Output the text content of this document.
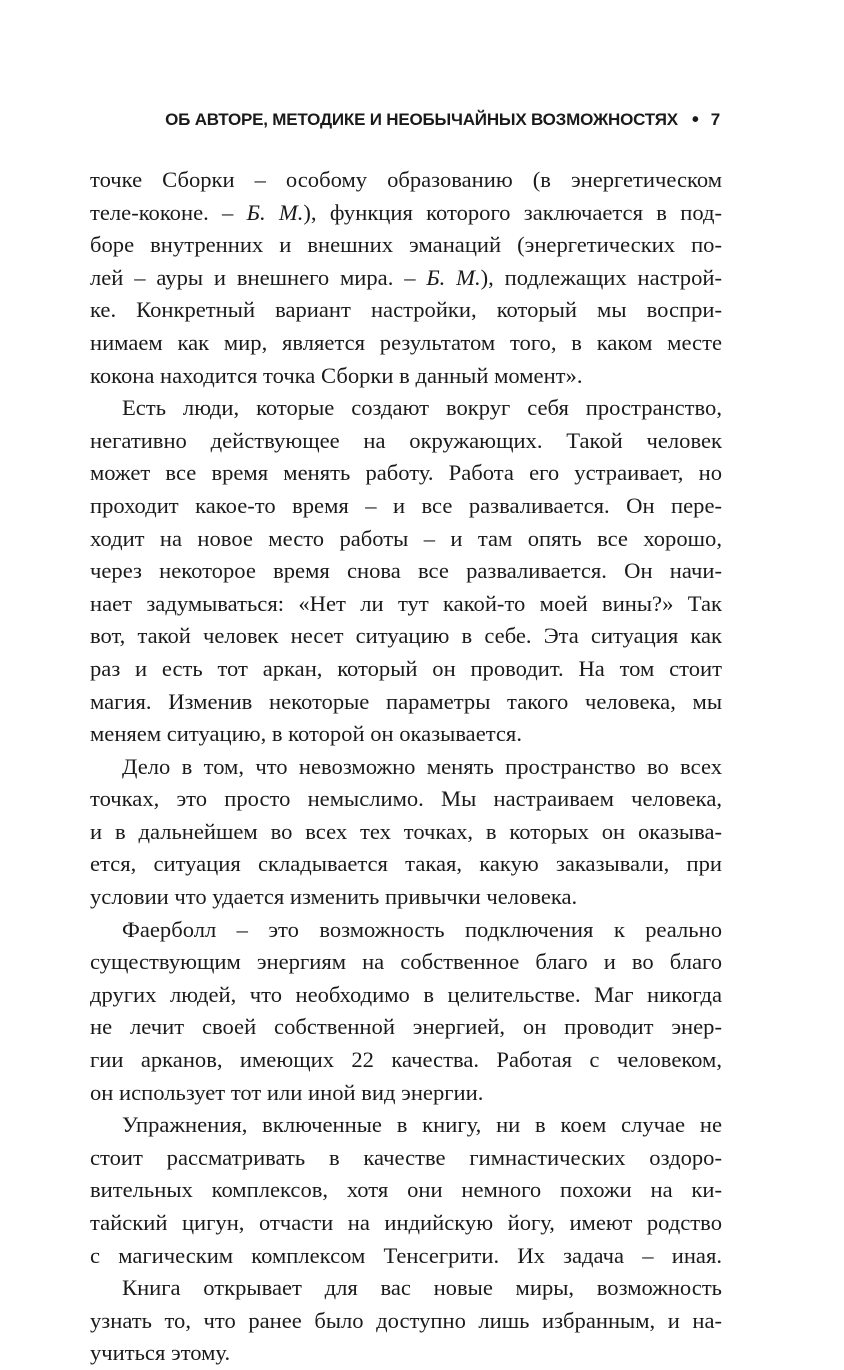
ОБ АВТОРЕ, МЕТОДИКЕ И НЕОБЫЧАЙНЫХ ВОЗМОЖНОСТЯХ • 7
точке Сборки – особому образованию (в энергетическом
теле-коконе. – Б. М.), функция которого заключается в под-
боре внутренних и внешних эманаций (энергетических по-
лей – ауры и внешнего мира. – Б. М.), подлежащих настрой-
ке. Конкретный вариант настройки, который мы воспри-
нимаем как мир, является результатом того, в каком месте
кокона находится точка Сборки в данный момент».
Есть люди, которые создают вокруг себя пространство,
негативно действующее на окружающих. Такой человек
может все время менять работу. Работа его устраивает, но
проходит какое-то время – и все разваливается. Он пере-
ходит на новое место работы – и там опять все хорошо,
через некоторое время снова все разваливается. Он начи-
нает задумываться: «Нет ли тут какой-то моей вины?» Так
вот, такой человек несет ситуацию в себе. Эта ситуация как
раз и есть тот аркан, который он проводит. На том стоит
магия. Изменив некоторые параметры такого человека, мы
меняем ситуацию, в которой он оказывается.
Дело в том, что невозможно менять пространство во всех
точках, это просто немыслимо. Мы настраиваем человека,
и в дальнейшем во всех тех точках, в которых он оказыва-
ется, ситуация складывается такая, какую заказывали, при
условии что удается изменить привычки человека.
Фаерболл – это возможность подключения к реально
существующим энергиям на собственное благо и во благо
других людей, что необходимо в целительстве. Маг никогда
не лечит своей собственной энергией, он проводит энер-
гии арканов, имеющих 22 качества. Работая с человеком,
он использует тот или иной вид энергии.
Упражнения, включенные в книгу, ни в коем случае не
стоит рассматривать в качестве гимнастических оздоро-
вительных комплексов, хотя они немного похожи на ки-
тайский цигун, отчасти на индийскую йогу, имеют родство
с магическим комплексом Тенсегрити. Их задача – иная.
Книга открывает для вас новые миры, возможность
узнать то, что ранее было доступно лишь избранным, и на-
учиться этому.
